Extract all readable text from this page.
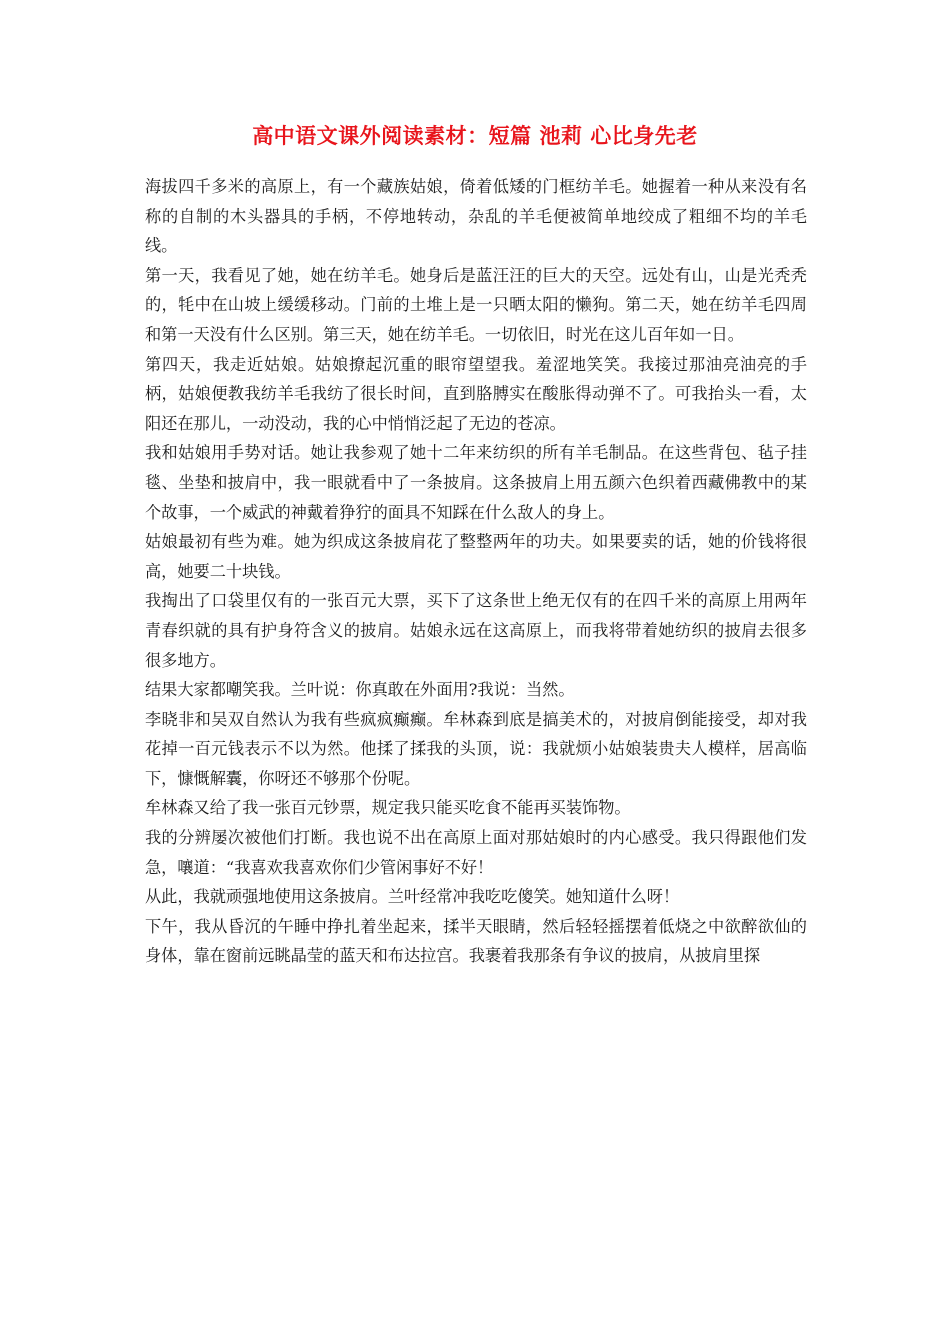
高中语文课外阅读素材：短篇 池莉 心比身先老

海拔四千多米的高原上，有一个藏族姑娘，倚着低矮的门框纺羊毛。她握着一种从来没有名称的自制的木头器具的手柄，不停地转动，杂乱的羊毛便被简单地绞成了粗细不均的羊毛线。

第一天，我看见了她，她在纺羊毛。她身后是蓝汪汪的巨大的天空。远处有山，山是光秃秃的，牦中在山坡上缓缓移动。门前的土堆上是一只晒太阳的懒狗。第二天，她在纺羊毛四周和第一天没有什么区别。第三天，她在纺羊毛。一切依旧，时光在这儿百年如一日。

第四天，我走近姑娘。姑娘撩起沉重的眼帘望望我。羞涩地笑笑。我接过那油亮油亮的手柄，姑娘便教我纺羊毛我纺了很长时间，直到胳膊实在酸胀得动弹不了。可我抬头一看，太阳还在那儿，一动没动，我的心中悄悄泛起了无边的苍凉。

我和姑娘用手势对话。她让我参观了她十二年来纺织的所有羊毛制品。在这些背包、毡子挂毯、坐垫和披肩中，我一眼就看中了一条披肩。这条披肩上用五颜六色织着西藏佛教中的某个故事，一个威武的神戴着狰狞的面具不知踩在什么敌人的身上。

姑娘最初有些为难。她为织成这条披肩花了整整两年的功夫。如果要卖的话，她的价钱将很高，她要二十块钱。

我掏出了口袋里仅有的一张百元大票，买下了这条世上绝无仅有的在四千米的高原上用两年青春织就的具有护身符含义的披肩。姑娘永远在这高原上，而我将带着她纺织的披肩去很多很多地方。

结果大家都嘲笑我。兰叶说：你真敢在外面用?我说：当然。

李晓非和吴双自然认为我有些疯疯癫癫。牟林森到底是搞美术的，对披肩倒能接受，却对我花掉一百元钱表示不以为然。他揉了揉我的头顶，说：我就烦小姑娘装贵夫人模样，居高临下，慷慨解囊，你呀还不够那个份呢。

牟林森又给了我一张百元钞票，规定我只能买吃食不能再买装饰物。

我的分辨屡次被他们打断。我也说不出在高原上面对那姑娘时的内心感受。我只得跟他们发急，嚷道：“我喜欢我喜欢你们少管闲事好不好！

从此，我就顽强地使用这条披肩。兰叶经常冲我吃吃傻笑。她知道什么呀！

下午，我从昏沉的午睡中挣扎着坐起来，揉半天眼睛，然后轻轻摇摆着低烧之中欲醉欲仙的身体，靠在窗前远眺晶莹的蓝天和布达拉宫。我裹着我那条有争议的披肩，从披肩里探
